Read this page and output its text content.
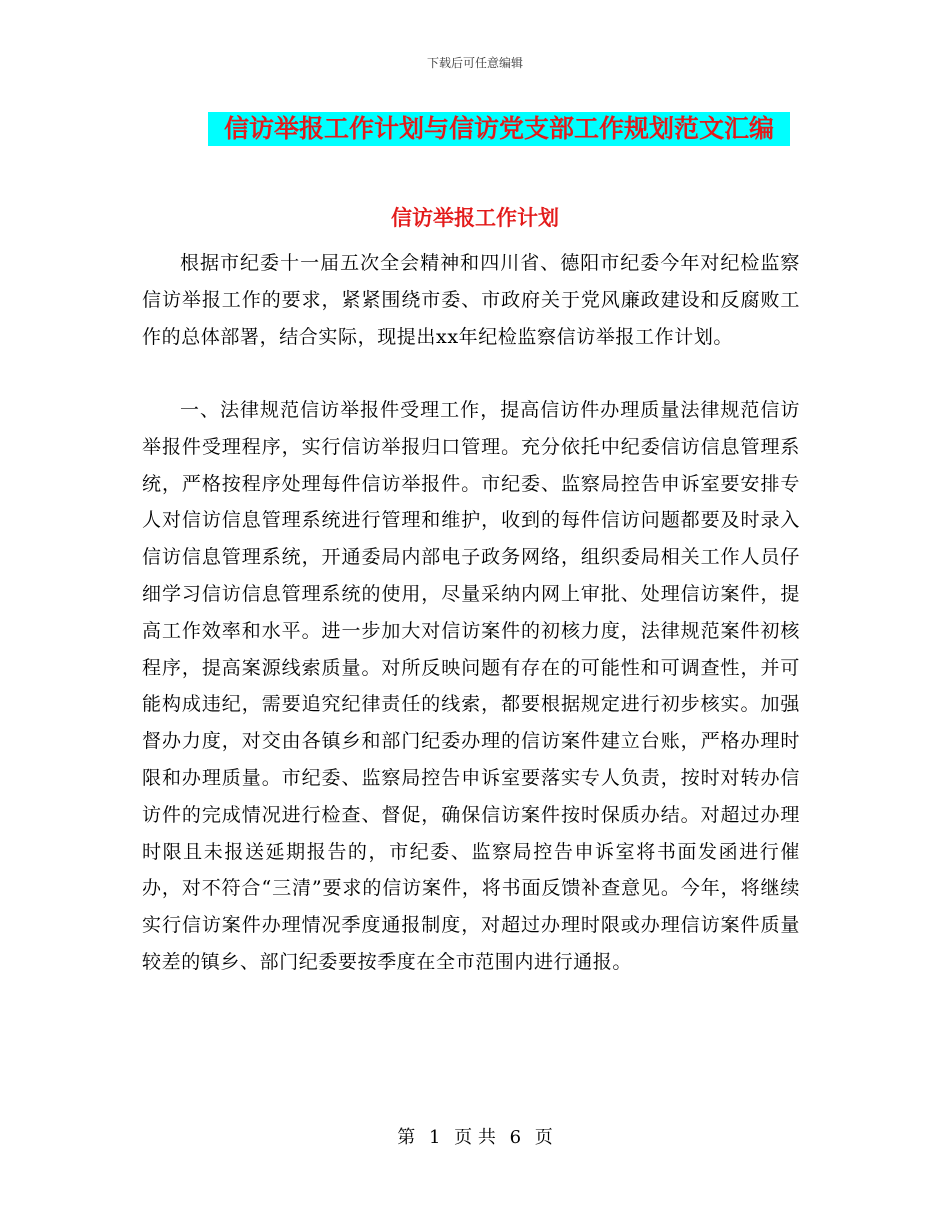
下载后可任意编辑
信访举报工作计划与信访党支部工作规划范文汇编
信访举报工作计划

根据市纪委十一届五次全会精神和四川省、德阳市纪委今年对纪检监察信访举报工作的要求，紧紧围绕市委、市政府关于党风廉政建设和反腐败工作的总体部署，结合实际，现提出xx年纪检监察信访举报工作计划。

一、法律规范信访举报件受理工作，提高信访件办理质量法律规范信访举报件受理程序，实行信访举报归口管理。充分依托中纪委信访信息管理系统，严格按程序处理每件信访举报件。市纪委、监察局控告申诉室要安排专人对信访信息管理系统进行管理和维护，收到的每件信访问题都要及时录入信访信息管理系统，开通委局内部电子政务网络，组织委局相关工作人员仔细学习信访信息管理系统的使用，尽量采纳内网上审批、处理信访案件，提高工作效率和水平。进一步加大对信访案件的初核力度，法律规范案件初核程序，提高案源线索质量。对所反映问题有存在的可能性和可调查性，并可能构成违纪，需要追究纪律责任的线索，都要根据规定进行初步核实。加强督办力度，对交由各镇乡和部门纪委办理的信访案件建立台账，严格办理时限和办理质量。市纪委、监察局控告申诉室要落实专人负责，按时对转办信访件的完成情况进行检查、督促，确保信访案件按时保质办结。对超过办理时限且未报送延期报告的，市纪委、监察局控告申诉室将书面发函进行催办，对不符合“三清”要求的信访案件，将书面反馈补查意见。今年，将继续实行信访案件办理情况季度通报制度，对超过办理时限或办理信访案件质量较差的镇乡、部门纪委要按季度在全市范围内进行通报。

第 1 页 共 6 页
